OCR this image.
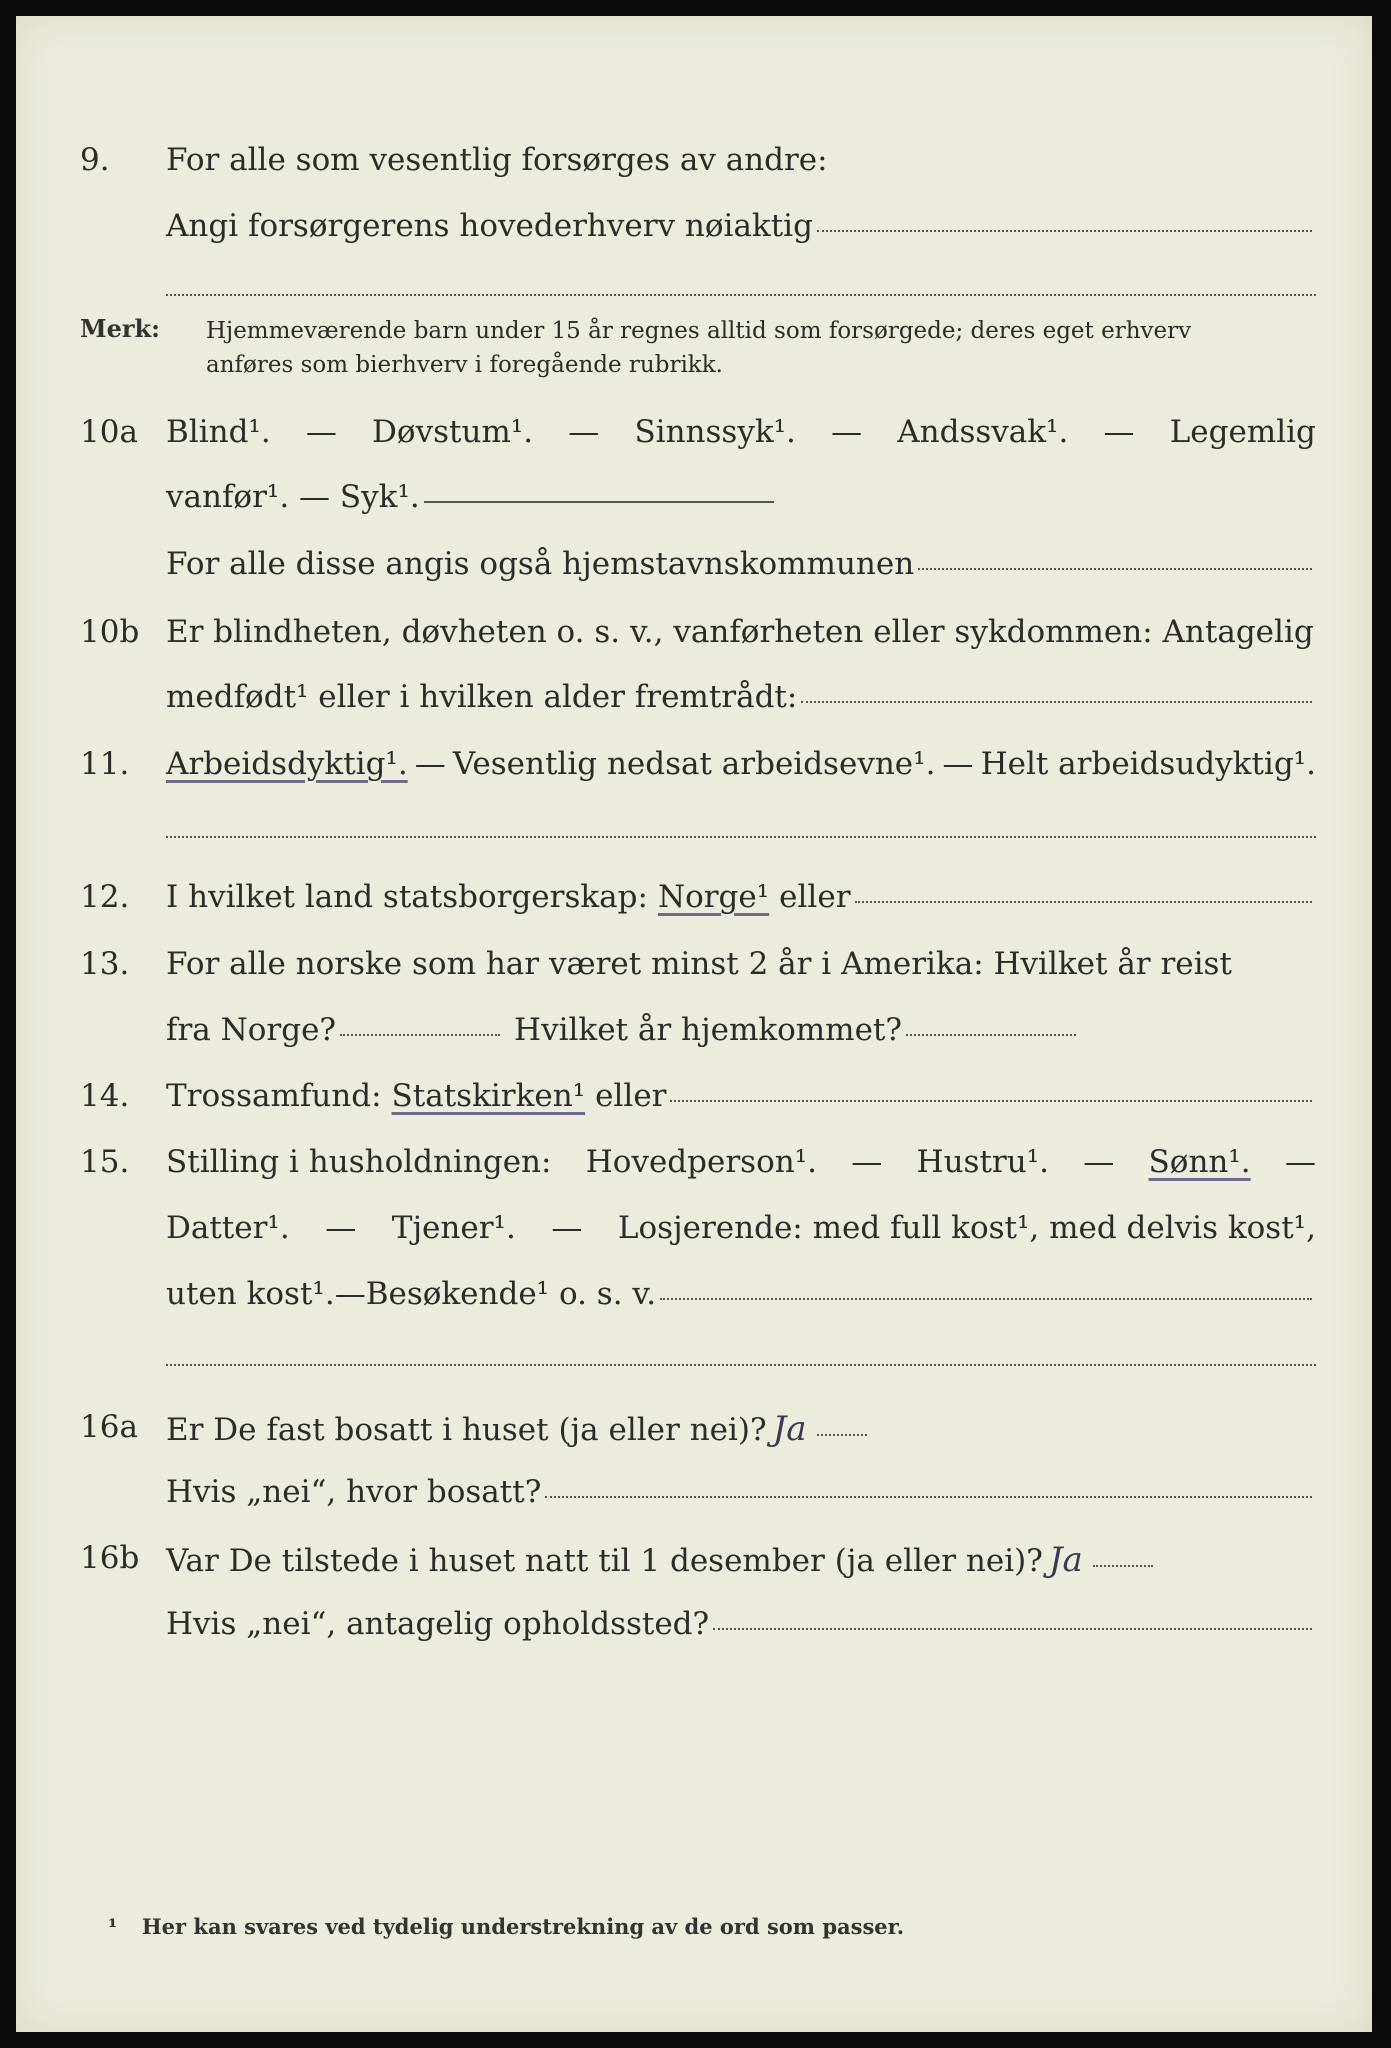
9.	For alle som vesentlig forsørges av andre:
Angi forsørgerens hovederhverv nøiaktig
Merk: Hjemmeværende barn under 15 år regnes alltid som forsørgede; deres eget erhverv
anføres som bierhverv i foregående rubrikk.
10a Blind¹. — Døvstum¹. — Sinnssyk¹. — Andssvak¹. — Legemlig
vanfør¹. — Syk¹.
For alle disse angis også hjemstavnskommunen
10b Er blindheten, døvheten o. s. v., vanførheten eller sykdommen: Antagelig
medfødt¹ eller i hvilken alder fremtrådt:
11.	Arbeidsdyktig¹. — Vesentlig nedsat arbeidsevne¹. — Helt arbeidsudyktig¹.
12.	I hvilket land statsborgerskap: Norge¹ eller
13.	For alle norske som har været minst 2 år i Amerika: Hvilket år reist
fra Norge?	Hvilket år hjemkommet?
14.	Trossamfund: Statskirken¹ eller
15.	Stilling i husholdningen: Hovedperson¹. — Hustru¹. — Sønn¹. —
Datter¹. — Tjener¹. — Losjerende: med full kost¹, med delvis kost¹,
uten kost¹. — Besøkende¹ o. s. v.
16a Er De fast bosatt i huset (ja eller nei)? Ja
Hvis „nei“, hvor bosatt?
16b Var De tilstede i huset natt til 1 desember (ja eller nei)? Ja
Hvis „nei“, antagelig opholdssted?
¹ Her kan svares ved tydelig understrekning av de ord som passer.
